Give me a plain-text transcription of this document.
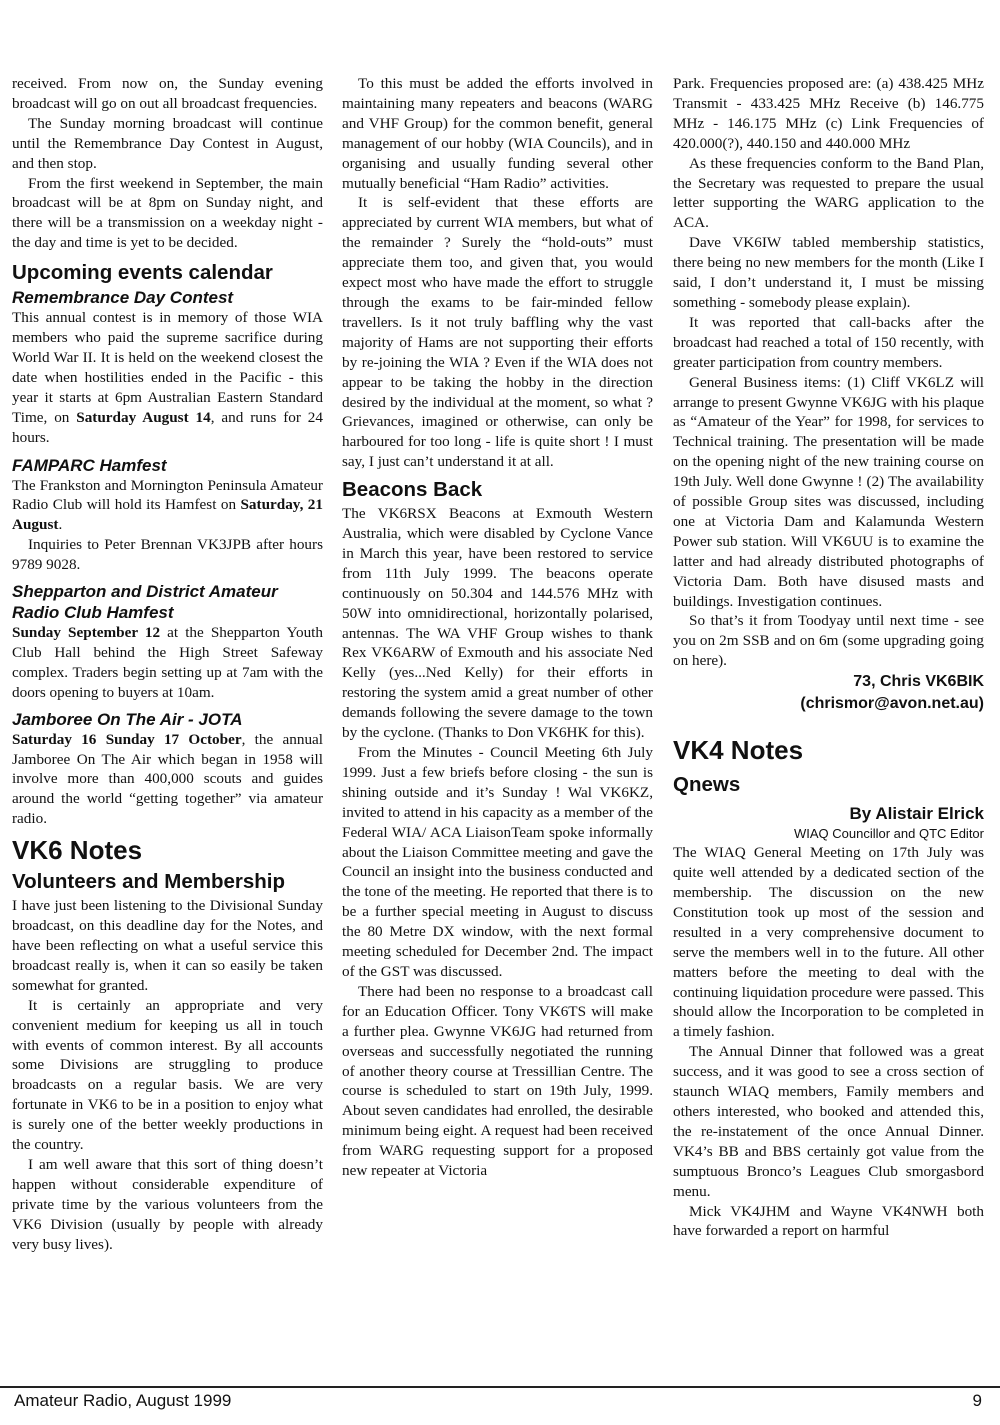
received. From now on, the Sunday evening broadcast will go on out all broadcast frequencies.

The Sunday morning broadcast will continue until the Remembrance Day Contest in August, and then stop.

From the first weekend in September, the main broadcast will be at 8pm on Sunday night, and there will be a transmission on a weekday night - the day and time is yet to be decided.

Upcoming events calendar
Remembrance Day Contest

This annual contest is in memory of those WIA members who paid the supreme sacrifice during World War II. It is held on the weekend closest the date when hostilities ended in the Pacific - this year it starts at 6pm Australian Eastern Standard Time, on Saturday August 14, and runs for 24 hours.

FAMPARC Hamfest

The Frankston and Mornington Peninsula Amateur Radio Club will hold its Hamfest on Saturday, 21 August.

Inquiries to Peter Brennan VK3JPB after hours 9789 9028.

Shepparton and District Amateur Radio Club Hamfest

Sunday September 12 at the Shepparton Youth Club Hall behind the High Street Safeway complex. Traders begin setting up at 7am with the doors opening to buyers at 10am.

Jamboree On The Air - JOTA

Saturday 16 Sunday 17 October, the annual Jamboree On The Air which began in 1958 will involve more than 400,000 scouts and guides around the world “getting together” via amateur radio.

VK6 Notes
Volunteers and Membership

I have just been listening to the Divisional Sunday broadcast, on this deadline day for the Notes, and have been reflecting on what a useful service this broadcast really is, when it can so easily be taken somewhat for granted.

It is certainly an appropriate and very convenient medium for keeping us all in touch with events of common interest. By all accounts some Divisions are struggling to produce broadcasts on a regular basis. We are very fortunate in VK6 to be in a position to enjoy what is surely one of the better weekly productions in the country.

I am well aware that this sort of thing doesn’t happen without considerable expenditure of private time by the various volunteers from the VK6 Division (usually by people with already very busy lives).

To this must be added the efforts involved in maintaining many repeaters and beacons (WARG and VHF Group) for the common benefit, general management of our hobby (WIA Councils), and in organising and usually funding several other mutually beneficial “Ham Radio” activities.

It is self-evident that these efforts are appreciated by current WIA members, but what of the remainder ? Surely the “hold-outs” must appreciate them too, and given that, you would expect most who have made the effort to struggle through the exams to be fair-minded fellow travellers. Is it not truly baffling why the vast majority of Hams are not supporting their efforts by re-joining the WIA ? Even if the WIA does not appear to be taking the hobby in the direction desired by the individual at the moment, so what ? Grievances, imagined or otherwise, can only be harboured for too long - life is quite short ! I must say, I just can’t understand it at all.

Beacons Back

The VK6RSX Beacons at Exmouth Western Australia, which were disabled by Cyclone Vance in March this year, have been restored to service from 11th July 1999. The beacons operate continuously on 50.304 and 144.576 MHz with 50W into omnidirectional, horizontally polarised, antennas. The WA VHF Group wishes to thank Rex VK6ARW of Exmouth and his associate Ned Kelly (yes...Ned Kelly) for their efforts in restoring the system amid a great number of other demands following the severe damage to the town by the cyclone. (Thanks to Don VK6HK for this).

From the Minutes - Council Meeting 6th July 1999. Just a few briefs before closing - the sun is shining outside and it’s Sunday ! Wal VK6KZ, invited to attend in his capacity as a member of the Federal WIA/ ACA LiaisonTeam spoke informally about the Liaison Committee meeting and gave the Council an insight into the business conducted and the tone of the meeting. He reported that there is to be a further special meeting in August to discuss the 80 Metre DX window, with the next formal meeting scheduled for December 2nd. The impact of the GST was discussed.

There had been no response to a broadcast call for an Education Officer. Tony VK6TS will make a further plea. Gwynne VK6JG had returned from overseas and successfully negotiated the running of another theory course at Tressillian Centre. The course is scheduled to start on 19th July, 1999. About seven candidates had enrolled, the desirable minimum being eight. A request had been received from WARG requesting support for a proposed new repeater at Victoria

Park. Frequencies proposed are: (a) 438.425 MHz Transmit - 433.425 MHz Receive (b) 146.775 MHz - 146.175 MHz (c) Link Frequencies of 420.000(?), 440.150 and 440.000 MHz

As these frequencies conform to the Band Plan, the Secretary was requested to prepare the usual letter supporting the WARG application to the ACA.

Dave VK6IW tabled membership statistics, there being no new members for the month (Like I said, I don’t understand it, I must be missing something - somebody please explain).

It was reported that call-backs after the broadcast had reached a total of 150 recently, with greater participation from country members.

General Business items: (1) Cliff VK6LZ will arrange to present Gwynne VK6JG with his plaque as “Amateur of the Year” for 1998, for services to Technical training. The presentation will be made on the opening night of the new training course on 19th July. Well done Gwynne ! (2) The availability of possible Group sites was discussed, including one at Victoria Dam and Kalamunda Western Power sub station. Will VK6UU is to examine the latter and had already distributed photographs of Victoria Dam. Both have disused masts and buildings. Investigation continues.

So that’s it from Toodyay until next time - see you on 2m SSB and on 6m (some upgrading going on here).

73, Chris VK6BIK
(chrismor@avon.net.au)
VK4 Notes
Qnews
By Alistair Elrick
WIAQ Councillor and QTC Editor

The WIAQ General Meeting on 17th July was quite well attended by a dedicated section of the membership. The discussion on the new Constitution took up most of the session and resulted in a very comprehensive document to serve the members well in to the future. All other matters before the meeting to deal with the continuing liquidation procedure were passed. This should allow the Incorporation to be completed in a timely fashion.

The Annual Dinner that followed was a great success, and it was good to see a cross section of staunch WIAQ members, Family members and others interested, who booked and attended this, the re-instatement of the once Annual Dinner. VK4’s BB and BBS certainly got value from the sumptuous Bronco’s Leagues Club smorgasbord menu.

Mick VK4JHM and Wayne VK4NWH both have forwarded a report on harmful

Amateur Radio, August 1999	9
